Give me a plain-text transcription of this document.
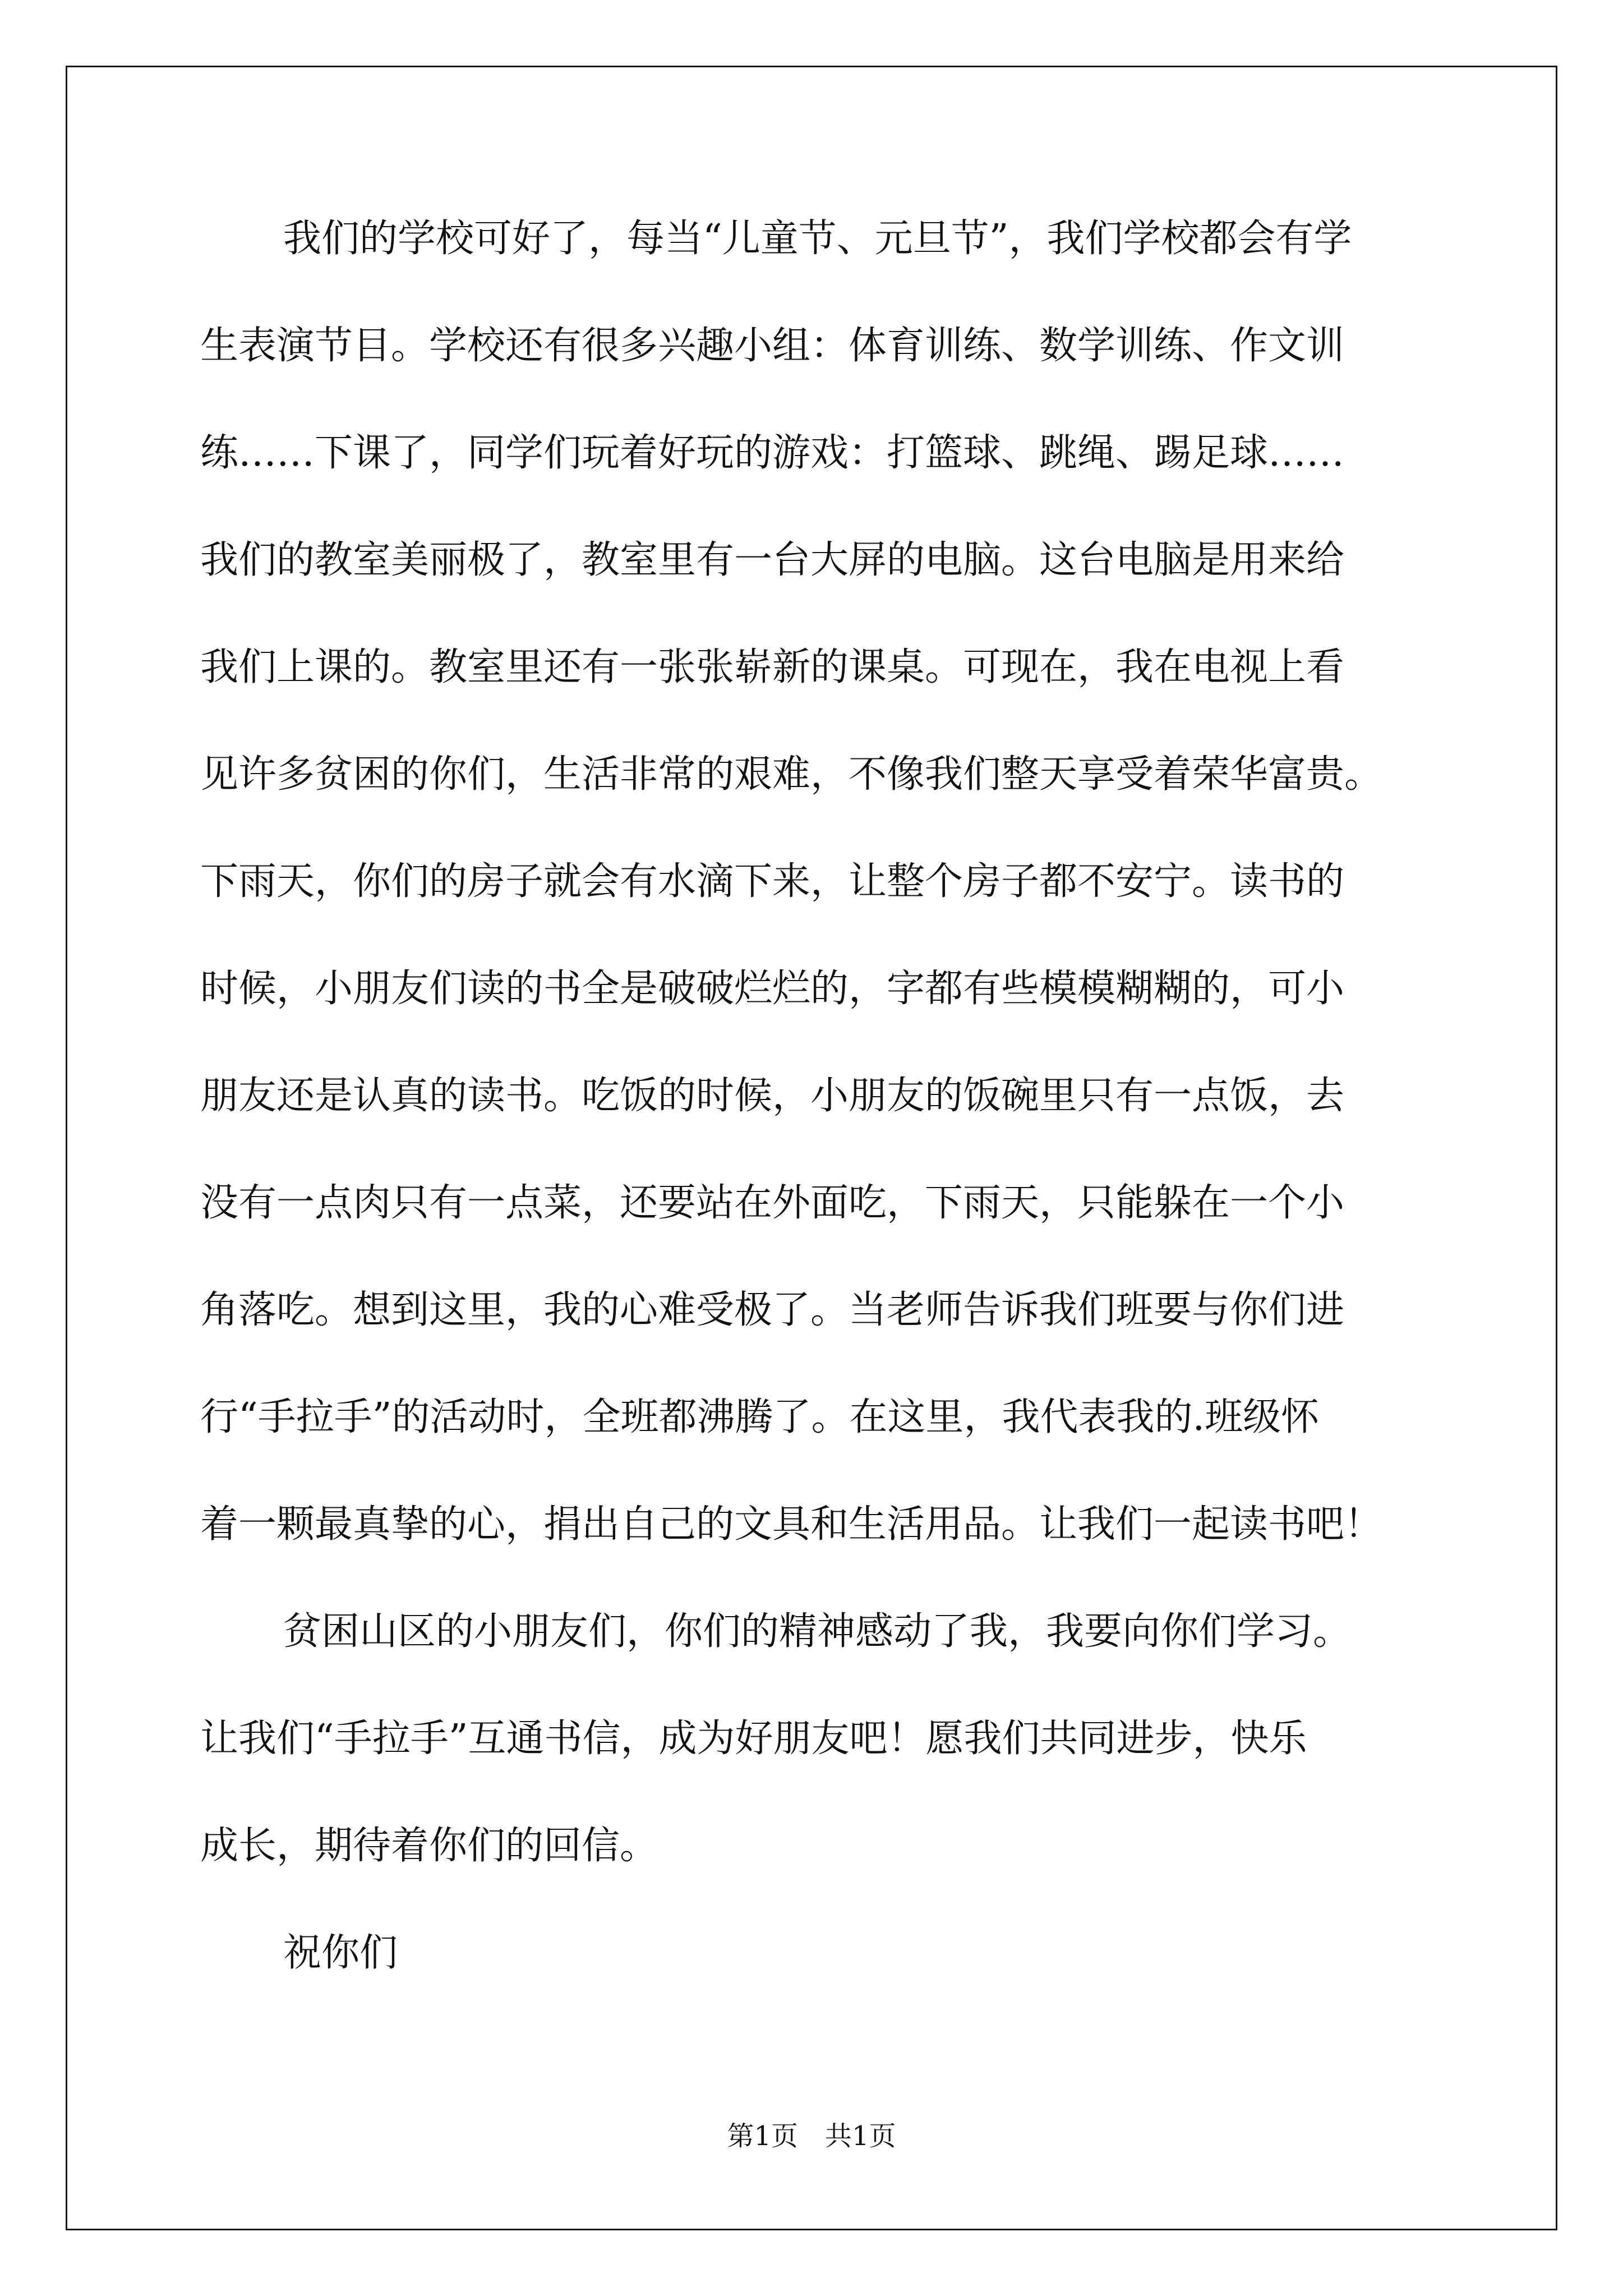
我们的学校可好了，每当“儿童节、元旦节”，我们学校都会有学
生表演节目。学校还有很多兴趣小组：体育训练、数学训练、作文训
练……下课了，同学们玩着好玩的游戏：打篮球、跳绳、踢足球……
我们的教室美丽极了，教室里有一台大屏的电脑。这台电脑是用来给
我们上课的。教室里还有一张张崭新的课桌。可现在，我在电视上看
见许多贫困的你们，生活非常的艰难，不像我们整天享受着荣华富贵。
下雨天，你们的房子就会有水滴下来，让整个房子都不安宁。读书的
时候，小朋友们读的书全是破破烂烂的，字都有些模模糊糊的，可小
朋友还是认真的读书。吃饭的时候，小朋友的饭碗里只有一点饭，去
没有一点肉只有一点菜，还要站在外面吃，下雨天，只能躲在一个小
角落吃。想到这里，我的心难受极了。当老师告诉我们班要与你们进
行“手拉手”的活动时，全班都沸腾了。在这里，我代表我的.班级怀
着一颗最真挚的心，捐出自己的文具和生活用品。让我们一起读书吧！
贫困山区的小朋友们，你们的精神感动了我，我要向你们学习。
让我们“手拉手”互通书信，成为好朋友吧！愿我们共同进步，快乐
成长，期待着你们的回信。
祝你们
第1页　共1页
